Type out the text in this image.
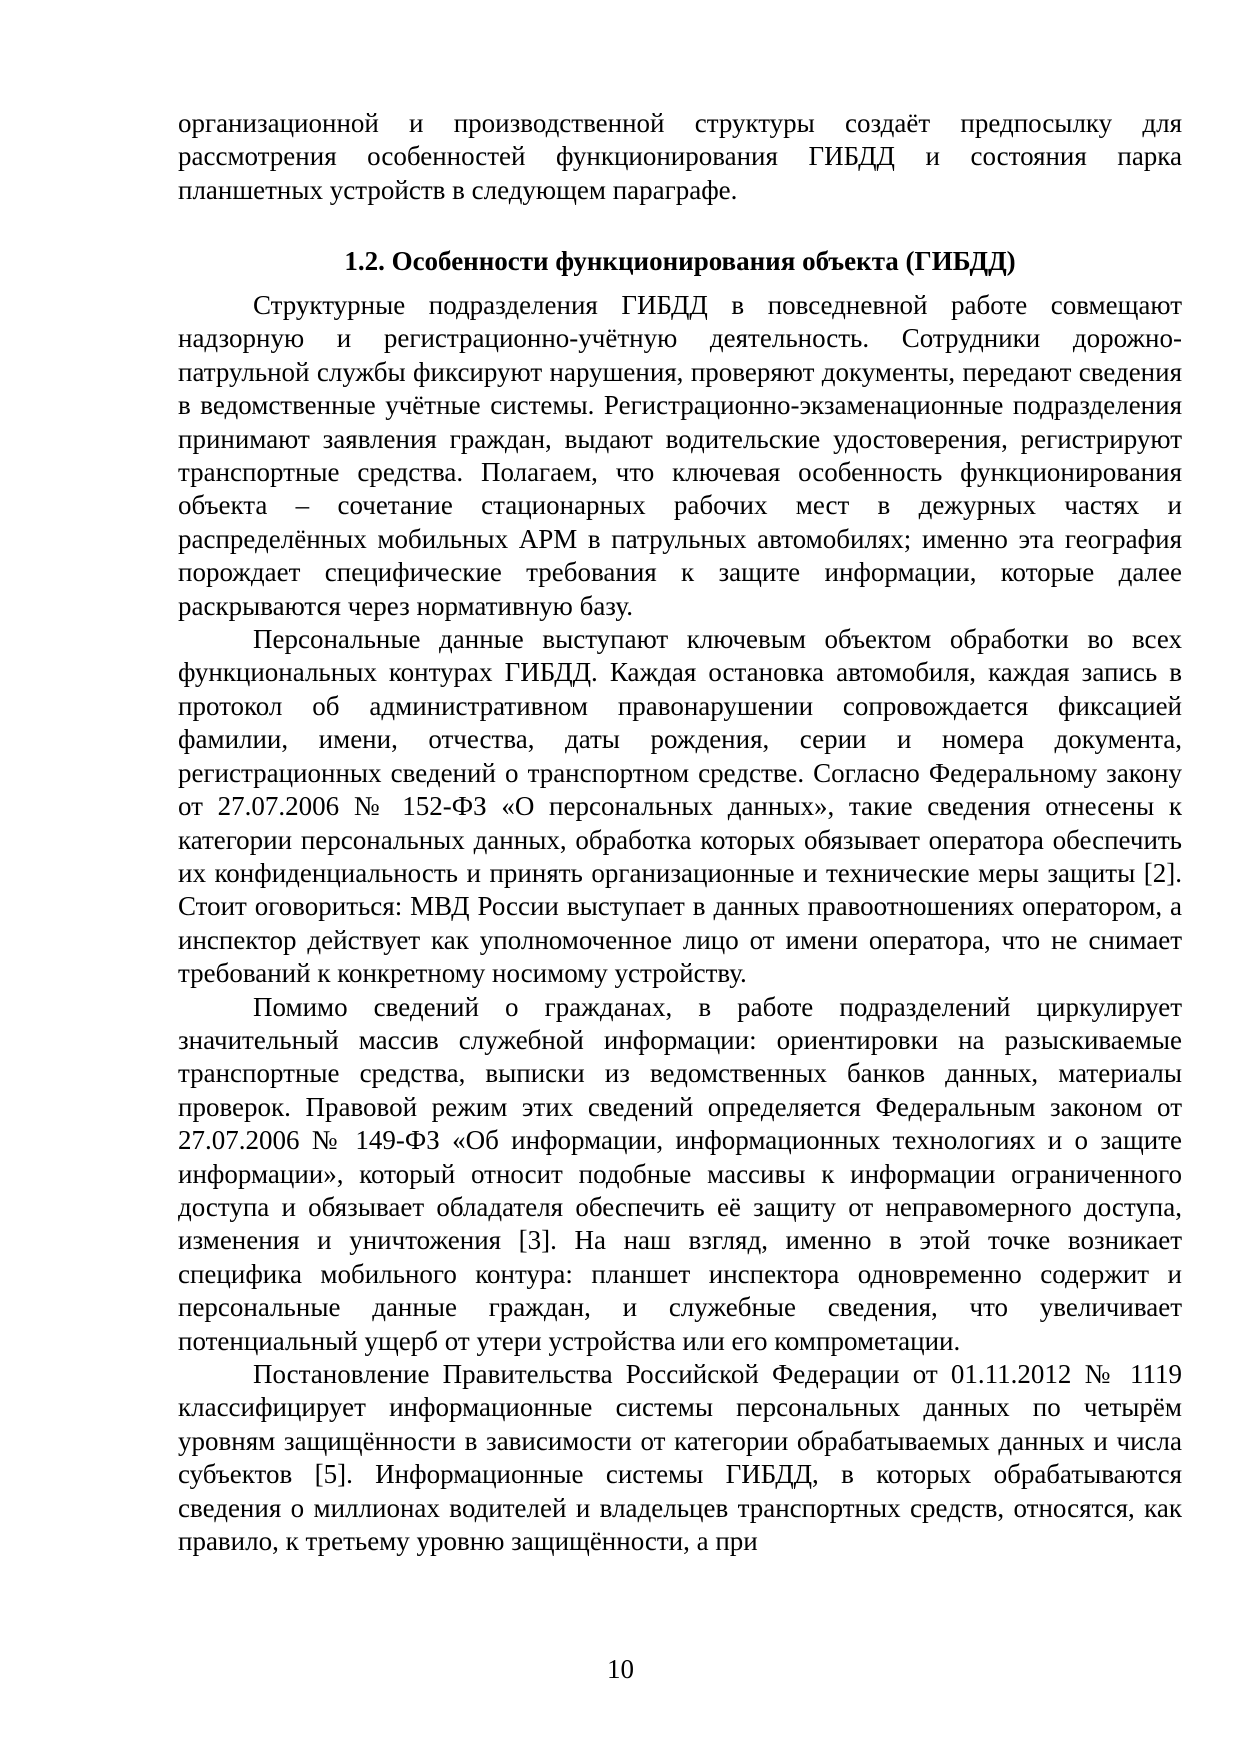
организационной и производственной структуры создаёт предпосылку для рассмотрения особенностей функционирования ГИБДД и состояния парка планшетных устройств в следующем параграфе.

1.2. Особенности функционирования объекта (ГИБДД)

Структурные подразделения ГИБДД в повседневной работе совмещают надзорную и регистрационно-учётную деятельность. Сотрудники дорожно-патрульной службы фиксируют нарушения, проверяют документы, передают сведения в ведомственные учётные системы. Регистрационно-экзаменационные подразделения принимают заявления граждан, выдают водительские удостоверения, регистрируют транспортные средства. Полагаем, что ключевая особенность функционирования объекта – сочетание стационарных рабочих мест в дежурных частях и распределённых мобильных АРМ в патрульных автомобилях; именно эта география порождает специфические требования к защите информации, которые далее раскрываются через нормативную базу.

Персональные данные выступают ключевым объектом обработки во всех функциональных контурах ГИБДД. Каждая остановка автомобиля, каждая запись в протокол об административном правонарушении сопровождается фиксацией фамилии, имени, отчества, даты рождения, серии и номера документа, регистрационных сведений о транспортном средстве. Согласно Федеральному закону от 27.07.2006 № 152-ФЗ «О персональных данных», такие сведения отнесены к категории персональных данных, обработка которых обязывает оператора обеспечить их конфиденциальность и принять организационные и технические меры защиты [2]. Стоит оговориться: МВД России выступает в данных правоотношениях оператором, а инспектор действует как уполномоченное лицо от имени оператора, что не снимает требований к конкретному носимому устройству.

Помимо сведений о гражданах, в работе подразделений циркулирует значительный массив служебной информации: ориентировки на разыскиваемые транспортные средства, выписки из ведомственных банков данных, материалы проверок. Правовой режим этих сведений определяется Федеральным законом от 27.07.2006 № 149-ФЗ «Об информации, информационных технологиях и о защите информации», который относит подобные массивы к информации ограниченного доступа и обязывает обладателя обеспечить её защиту от неправомерного доступа, изменения и уничтожения [3]. На наш взгляд, именно в этой точке возникает специфика мобильного контура: планшет инспектора одновременно содержит и персональные данные граждан, и служебные сведения, что увеличивает потенциальный ущерб от утери устройства или его компрометации.

Постановление Правительства Российской Федерации от 01.11.2012 № 1119 классифицирует информационные системы персональных данных по четырём уровням защищённости в зависимости от категории обрабатываемых данных и числа субъектов [5]. Информационные системы ГИБДД, в которых обрабатываются сведения о миллионах водителей и владельцев транспортных средств, относятся, как правило, к третьему уровню защищённости, а при

10
